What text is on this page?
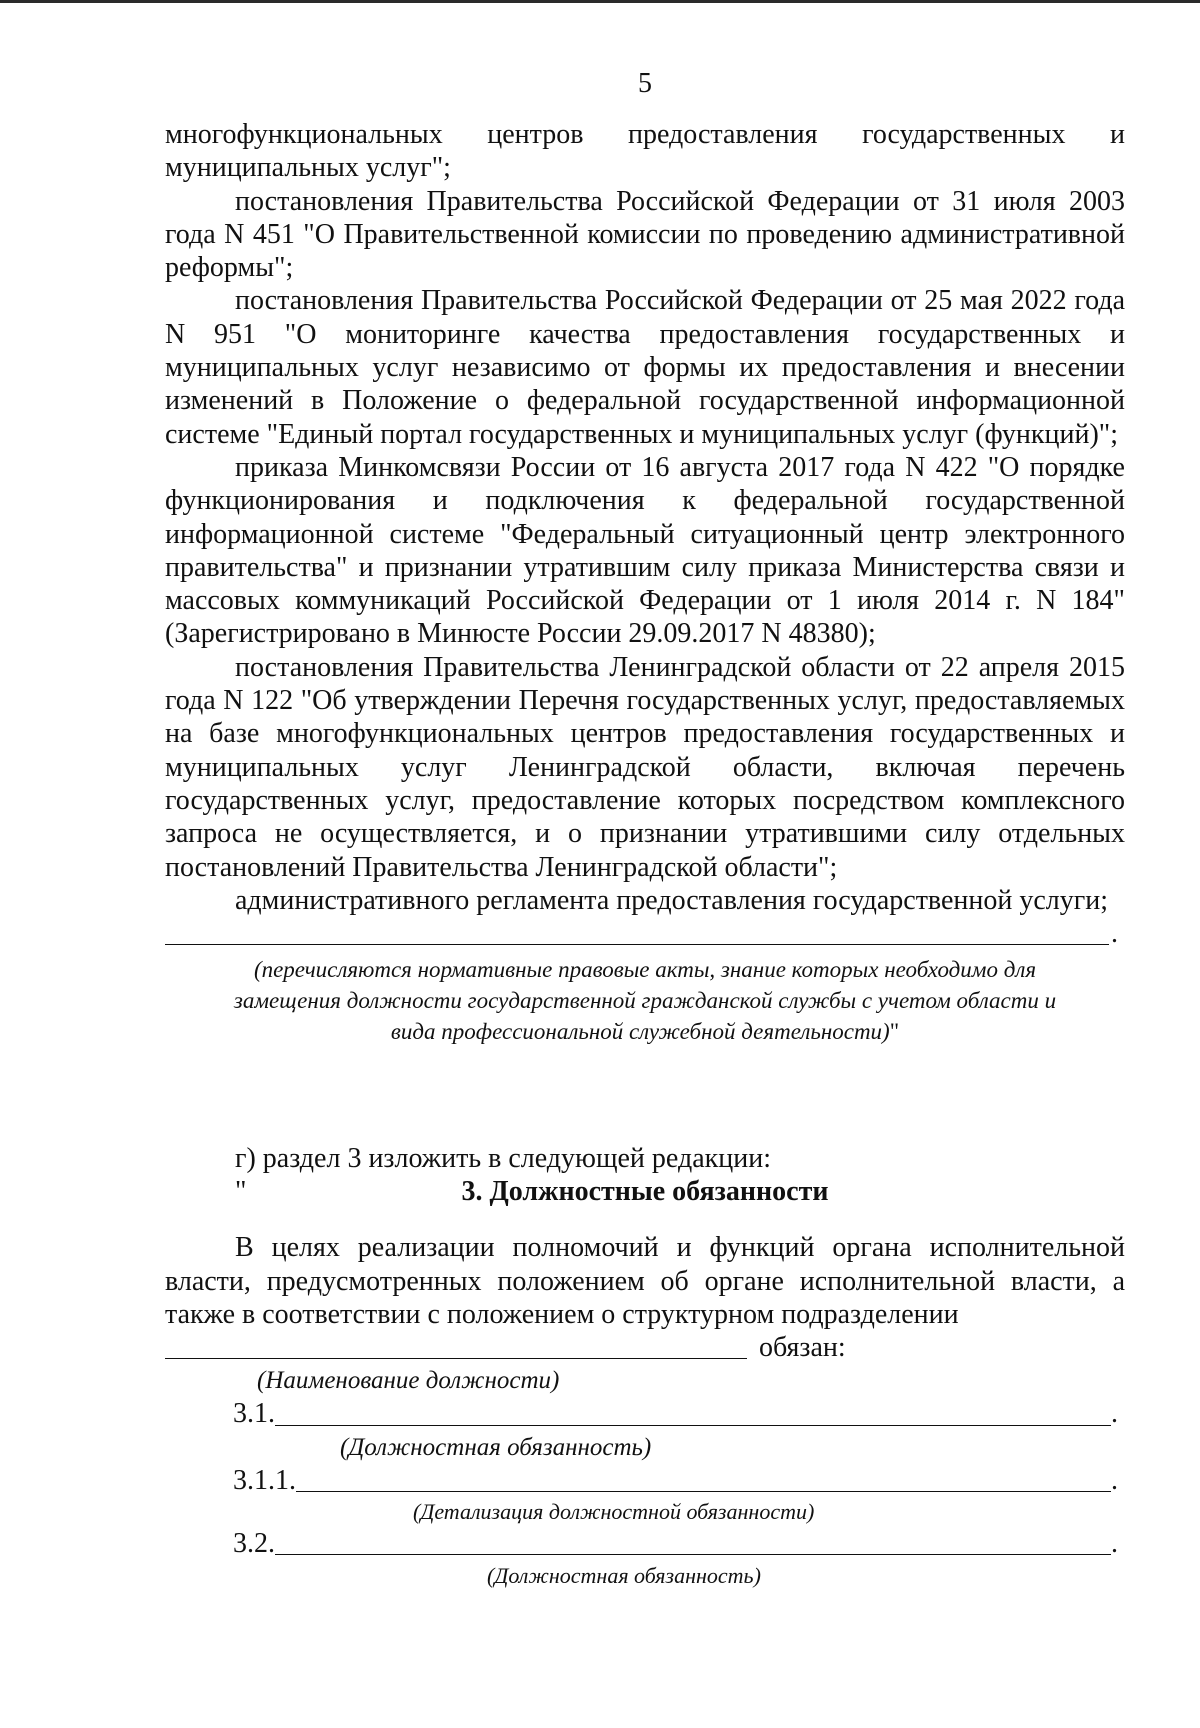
5

многофункциональных центров предоставления государственных и муниципальных услуг";

постановления Правительства Российской Федерации от 31 июля 2003 года N 451 "О Правительственной комиссии по проведению административной реформы";

постановления Правительства Российской Федерации от 25 мая 2022 года N 951 "О мониторинге качества предоставления государственных и муниципальных услуг независимо от формы их предоставления и внесении изменений в Положение о федеральной государственной информационной системе "Единый портал государственных и муниципальных услуг (функций)";

приказа Минкомсвязи России от 16 августа 2017 года N 422 "О порядке функционирования и подключения к федеральной государственной информационной системе "Федеральный ситуационный центр электронного правительства" и признании утратившим силу приказа Министерства связи и массовых коммуникаций Российской Федерации от 1 июля 2014 г. N 184" (Зарегистрировано в Минюсте России 29.09.2017 N 48380);

постановления Правительства Ленинградской области от 22 апреля 2015 года N 122 "Об утверждении Перечня государственных услуг, предоставляемых на базе многофункциональных центров предоставления государственных и муниципальных услуг Ленинградской области, включая перечень государственных услуг, предоставление которых посредством комплексного запроса не осуществляется, и о признании утратившими силу отдельных постановлений Правительства Ленинградской области";

административного регламента предоставления государственной услуги;

.
(перечисляются нормативные правовые акты, знание которых необходимо для
замещения должности государственной гражданской службы с учетом области и
вида профессиональной служебной деятельности)"

г) раздел 3 изложить в следующей редакции:

"	3. Должностные обязанности

В целях реализации полномочий и функций органа исполнительной власти, предусмотренных положением об органе исполнительной власти, а также в соответствии с положением о структурном подразделении

обязан:
(Наименование должности)
3.1.	.
(Должностная обязанность)
3.1.1.	.
(Детализация должностной обязанности)
3.2.	.
(Должностная обязанность)
